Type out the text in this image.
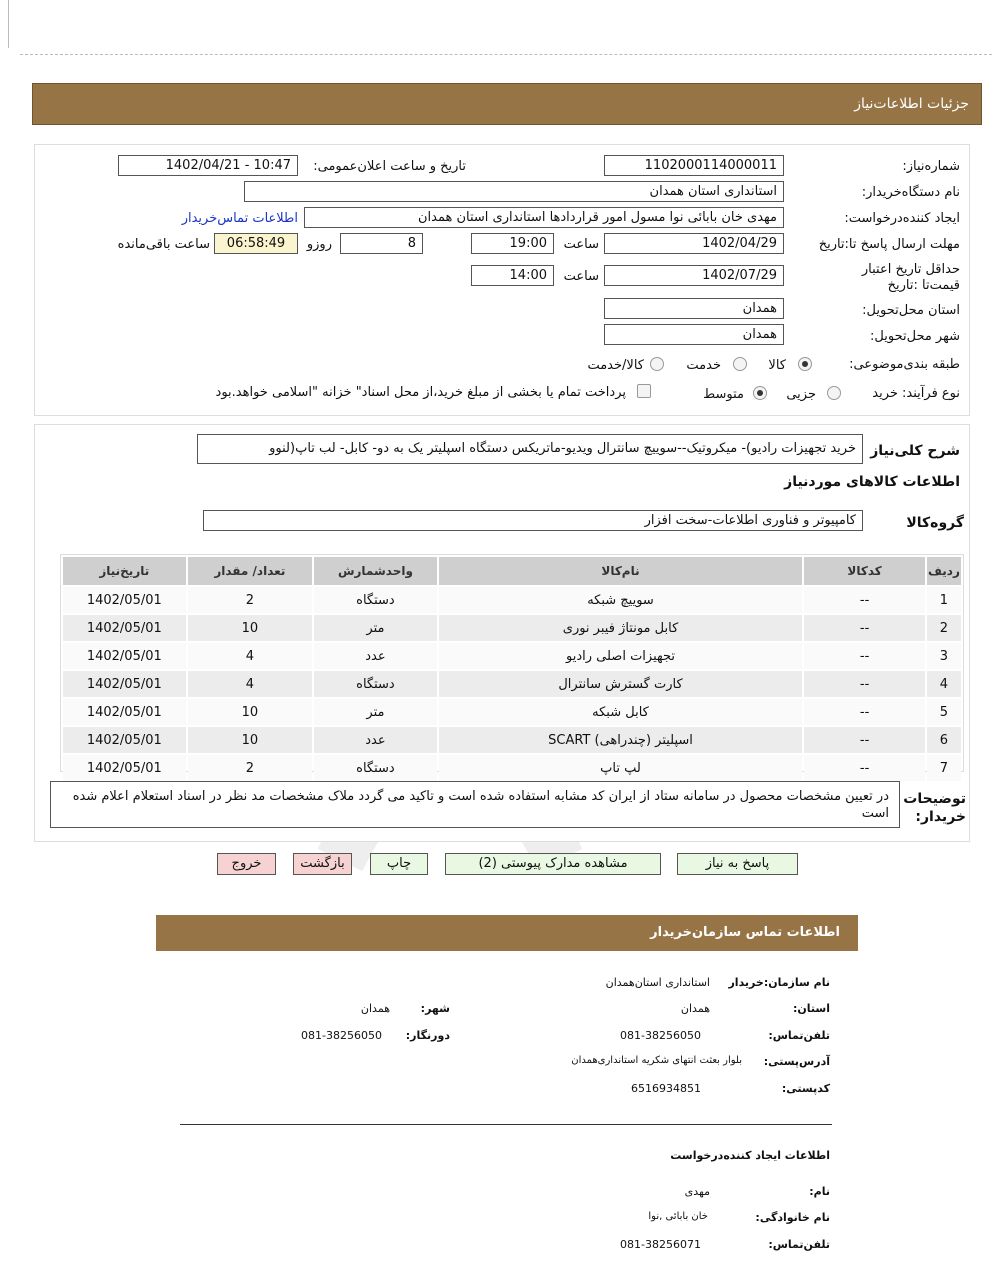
جزئیات اطلاعات‌نیاز
شماره‌نیاز:
1102000114000011
تاریخ و ساعت اعلان‌عمومی:
1402/04/21 - 10:47
نام دستگاه‌خریدار:
استانداری استان همدان
ایجاد کننده‌درخواست:
مهدی خان بابائی نوا مسول امور قراردادها استانداری استان همدان
اطلاعات تماس‌خریدار
مهلت ارسال پاسخ تا:تاریخ
1402/04/29
ساعت
19:00
8
روزو
06:58:49
ساعت باقی‌مانده
حداقل تاریخ اعتبار قیمت‌تا :تاریخ
1402/07/29
ساعت
14:00
استان محل‌تحویل:
همدان
شهر محل‌تحویل:
همدان
طبقه بندی‌موضوعی:
کالا
خدمت
کالا/خدمت
نوع فرآیند: خرید
جزیی
متوسط
پرداخت تمام یا بخشی از مبلغ خرید،از محل اسناد" خزانه "اسلامی خواهد.بود
شرح کلی‌نیاز
خرید تجهیزات رادیو)- میکروتیک--سوییچ سانترال ویدیو-ماتریکس دستگاه اسپلیتر یک به دو- کابل- لب تاپ(لنوو
اطلاعات کالاهای موردنیاز
گروه‌کالا
کامپیوتر و فناوری اطلاعات-سخت افزار
ردیف	کدکالا	نام‌کالا	واحدشمارش	تعداد/ مقدار	تاریخ‌نیاز
1	--	سوییچ شبکه	دستگاه	2	1402/05/01
2	--	کابل مونتاژ فیبر نوری	متر	10	1402/05/01
3	--	تجهیزات اصلی رادیو	عدد	4	1402/05/01
4	--	کارت گسترش سانترال	دستگاه	4	1402/05/01
5	--	کابل شبکه	متر	10	1402/05/01
6	--	اسپلیتر (چندراهی) SCART	عدد	10	1402/05/01
7	--	لپ تاپ	دستگاه	2	1402/05/01
توضیحات خریدار:
در تعیین مشخصات محصول در سامانه ستاد از ایران کد مشابه استفاده شده است و تاکید می گردد ملاک مشخصات مد نظر در اسناد استعلام اعلام شده است
پاسخ به نیاز
مشاهده مدارک پیوستی (2)
چاپ
بازگشت
خروج
اطلاعات تماس سازمان‌خریدار
نام سازمان:خریدار
استانداری استان‌همدان
استان:
همدان
شهر:
همدان
تلفن‌تماس:
081-38256050
دورنگار:
081-38256050
آدرس‌پستی:
بلوار بعثت انتهای شکریه استانداری‌همدان
کد‌پستی:
6516934851
اطلاعات ایجاد کننده‌درخواست
نام:
مهدی
نام خانوادگی:
خان بابائی ,نوا
تلفن‌تماس:
081-38256071
